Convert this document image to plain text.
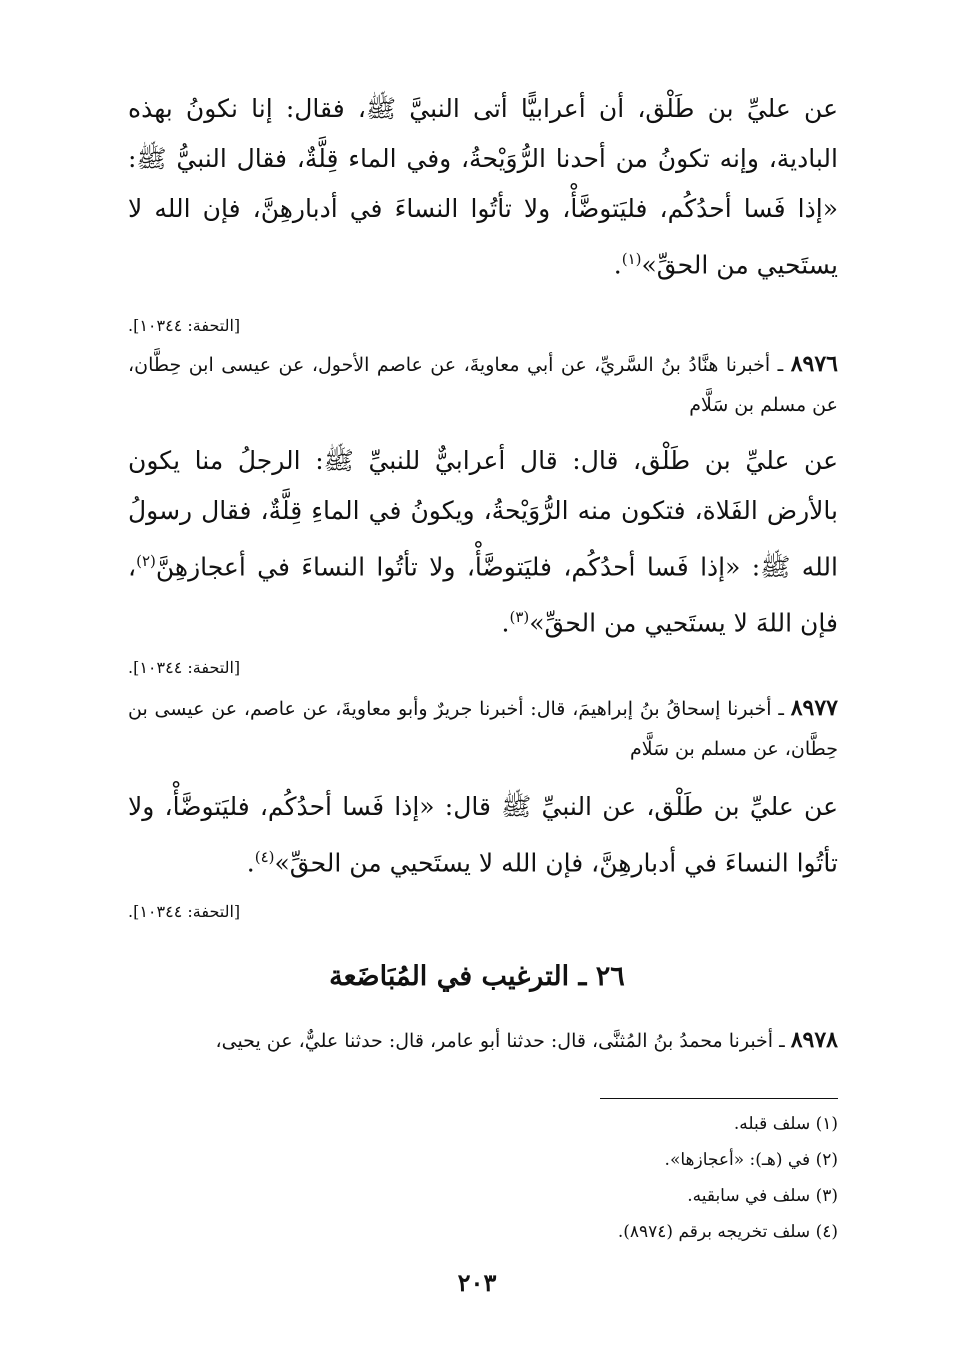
عن عليِّ بن طَلْق، أن أعرابيًّا أتى النبيَّ ﷺ، فقال: إنا نكونُ بهذه البادية، وإنه تكونُ من أحدنا الرُّوَيْحةُ، وفي الماء قِلَّةٌ، فقال النبيُّ ﷺ: «إذا فَسا أحدُكُم، فليَتوضَّأْ، ولا تأتُوا النساءَ في أدبارهِنَّ، فإن الله لا يستَحيي من الحقِّ»$^{(١)}$.
[التحفة: ١٠٣٤٤].
٨٩٧٦ ـ أخبرنا هنَّادُ بنُ السَّريِّ، عن أبي معاويةَ، عن عاصم الأحول، عن عيسى ابن حِطَّان، عن مسلم بن سَلَّام
عن عليِّ بن طَلْق، قال: قال أعرابيٌّ للنبيِّ ﷺ: الرجلُ منا يكون بالأرض الفَلاة، فتكون منه الرُّوَيْحةُ، ويكونُ في الماءِ قِلَّةٌ، فقال رسولُ الله ﷺ: «إذا فَسا أحدُكُم، فليَتوضَّأْ، ولا تأتُوا النساءَ في أعجازهِنَّ$^{(٢)}$، فإن اللهَ لا يستَحيي من الحقِّ»$^{(٣)}$.
[التحفة: ١٠٣٤٤].
٨٩٧٧ ـ أخبرنا إسحاقُ بنُ إبراهيمَ، قال: أخبرنا جريرٌ وأبو معاويةَ، عن عاصم، عن عيسى بن حِطَّان، عن مسلم بن سَلَّام
عن عليِّ بن طَلْق، عن النبيِّ ﷺ قال: «إذا فَسا أحدُكُم، فليَتوضَّأْ، ولا تأتُوا النساءَ في أدبارهِنَّ، فإن الله لا يستَحيي من الحقِّ»$^{(٤)}$.
[التحفة: ١٠٣٤٤].
٢٦ ـ الترغيب في المُبَاضَعة
٨٩٧٨ ـ أخبرنا محمدُ بنُ المُثنَّى، قال: حدثنا أبو عامر، قال: حدثنا عليٌّ، عن يحيى،
(١) سلف قبله.
(٢) في (هـ): «أعجازها».
(٣) سلف في سابقيه.
(٤) سلف تخريجه برقم (٨٩٧٤).
٢٠٣
